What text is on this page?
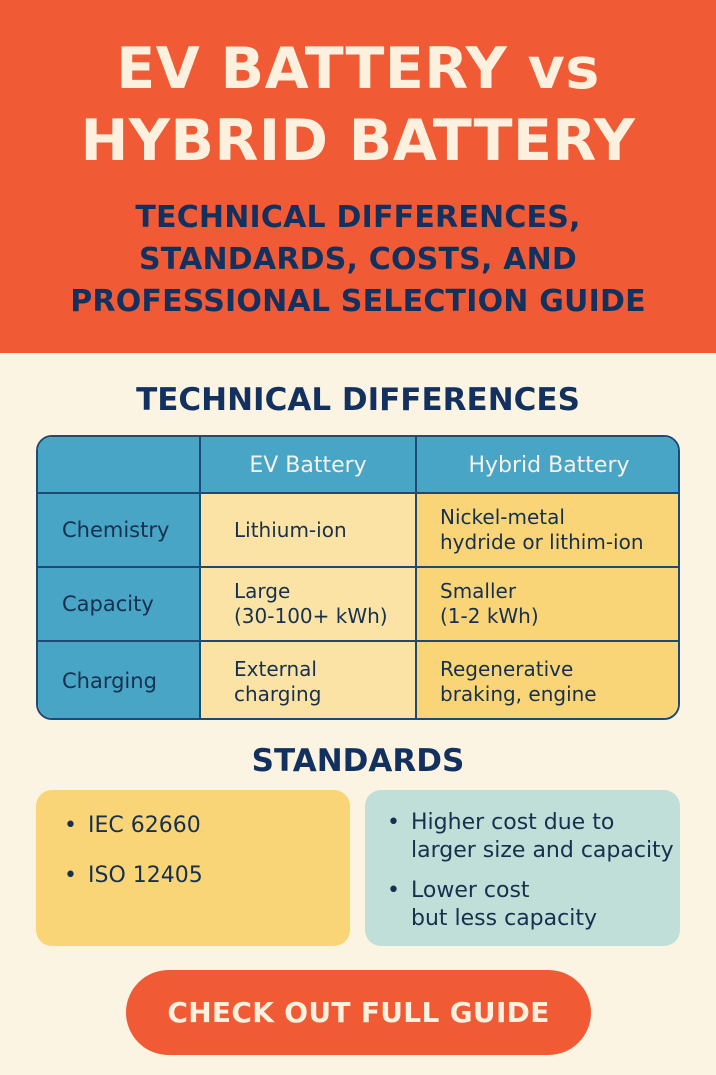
EV BATTERY vs
HYBRID BATTERY
TECHNICAL DIFFERENCES,
STANDARDS, COSTS, AND
PROFESSIONAL SELECTION GUIDE
TECHNICAL DIFFERENCES
EV Battery	Hybrid Battery
Chemistry	Lithium-ion
Nickel-metal
hydride or lithim-ion
Capacity
Large
(30-100+ kWh)
Smaller
(1-2 kWh)
Charging
External
charging
Regenerative
braking, engine
STANDARDS
• IEC 62660
• ISO 12405
• Higher cost due to
larger size and capacity
• Lower cost
but less capacity
CHECK OUT FULL GUIDE
